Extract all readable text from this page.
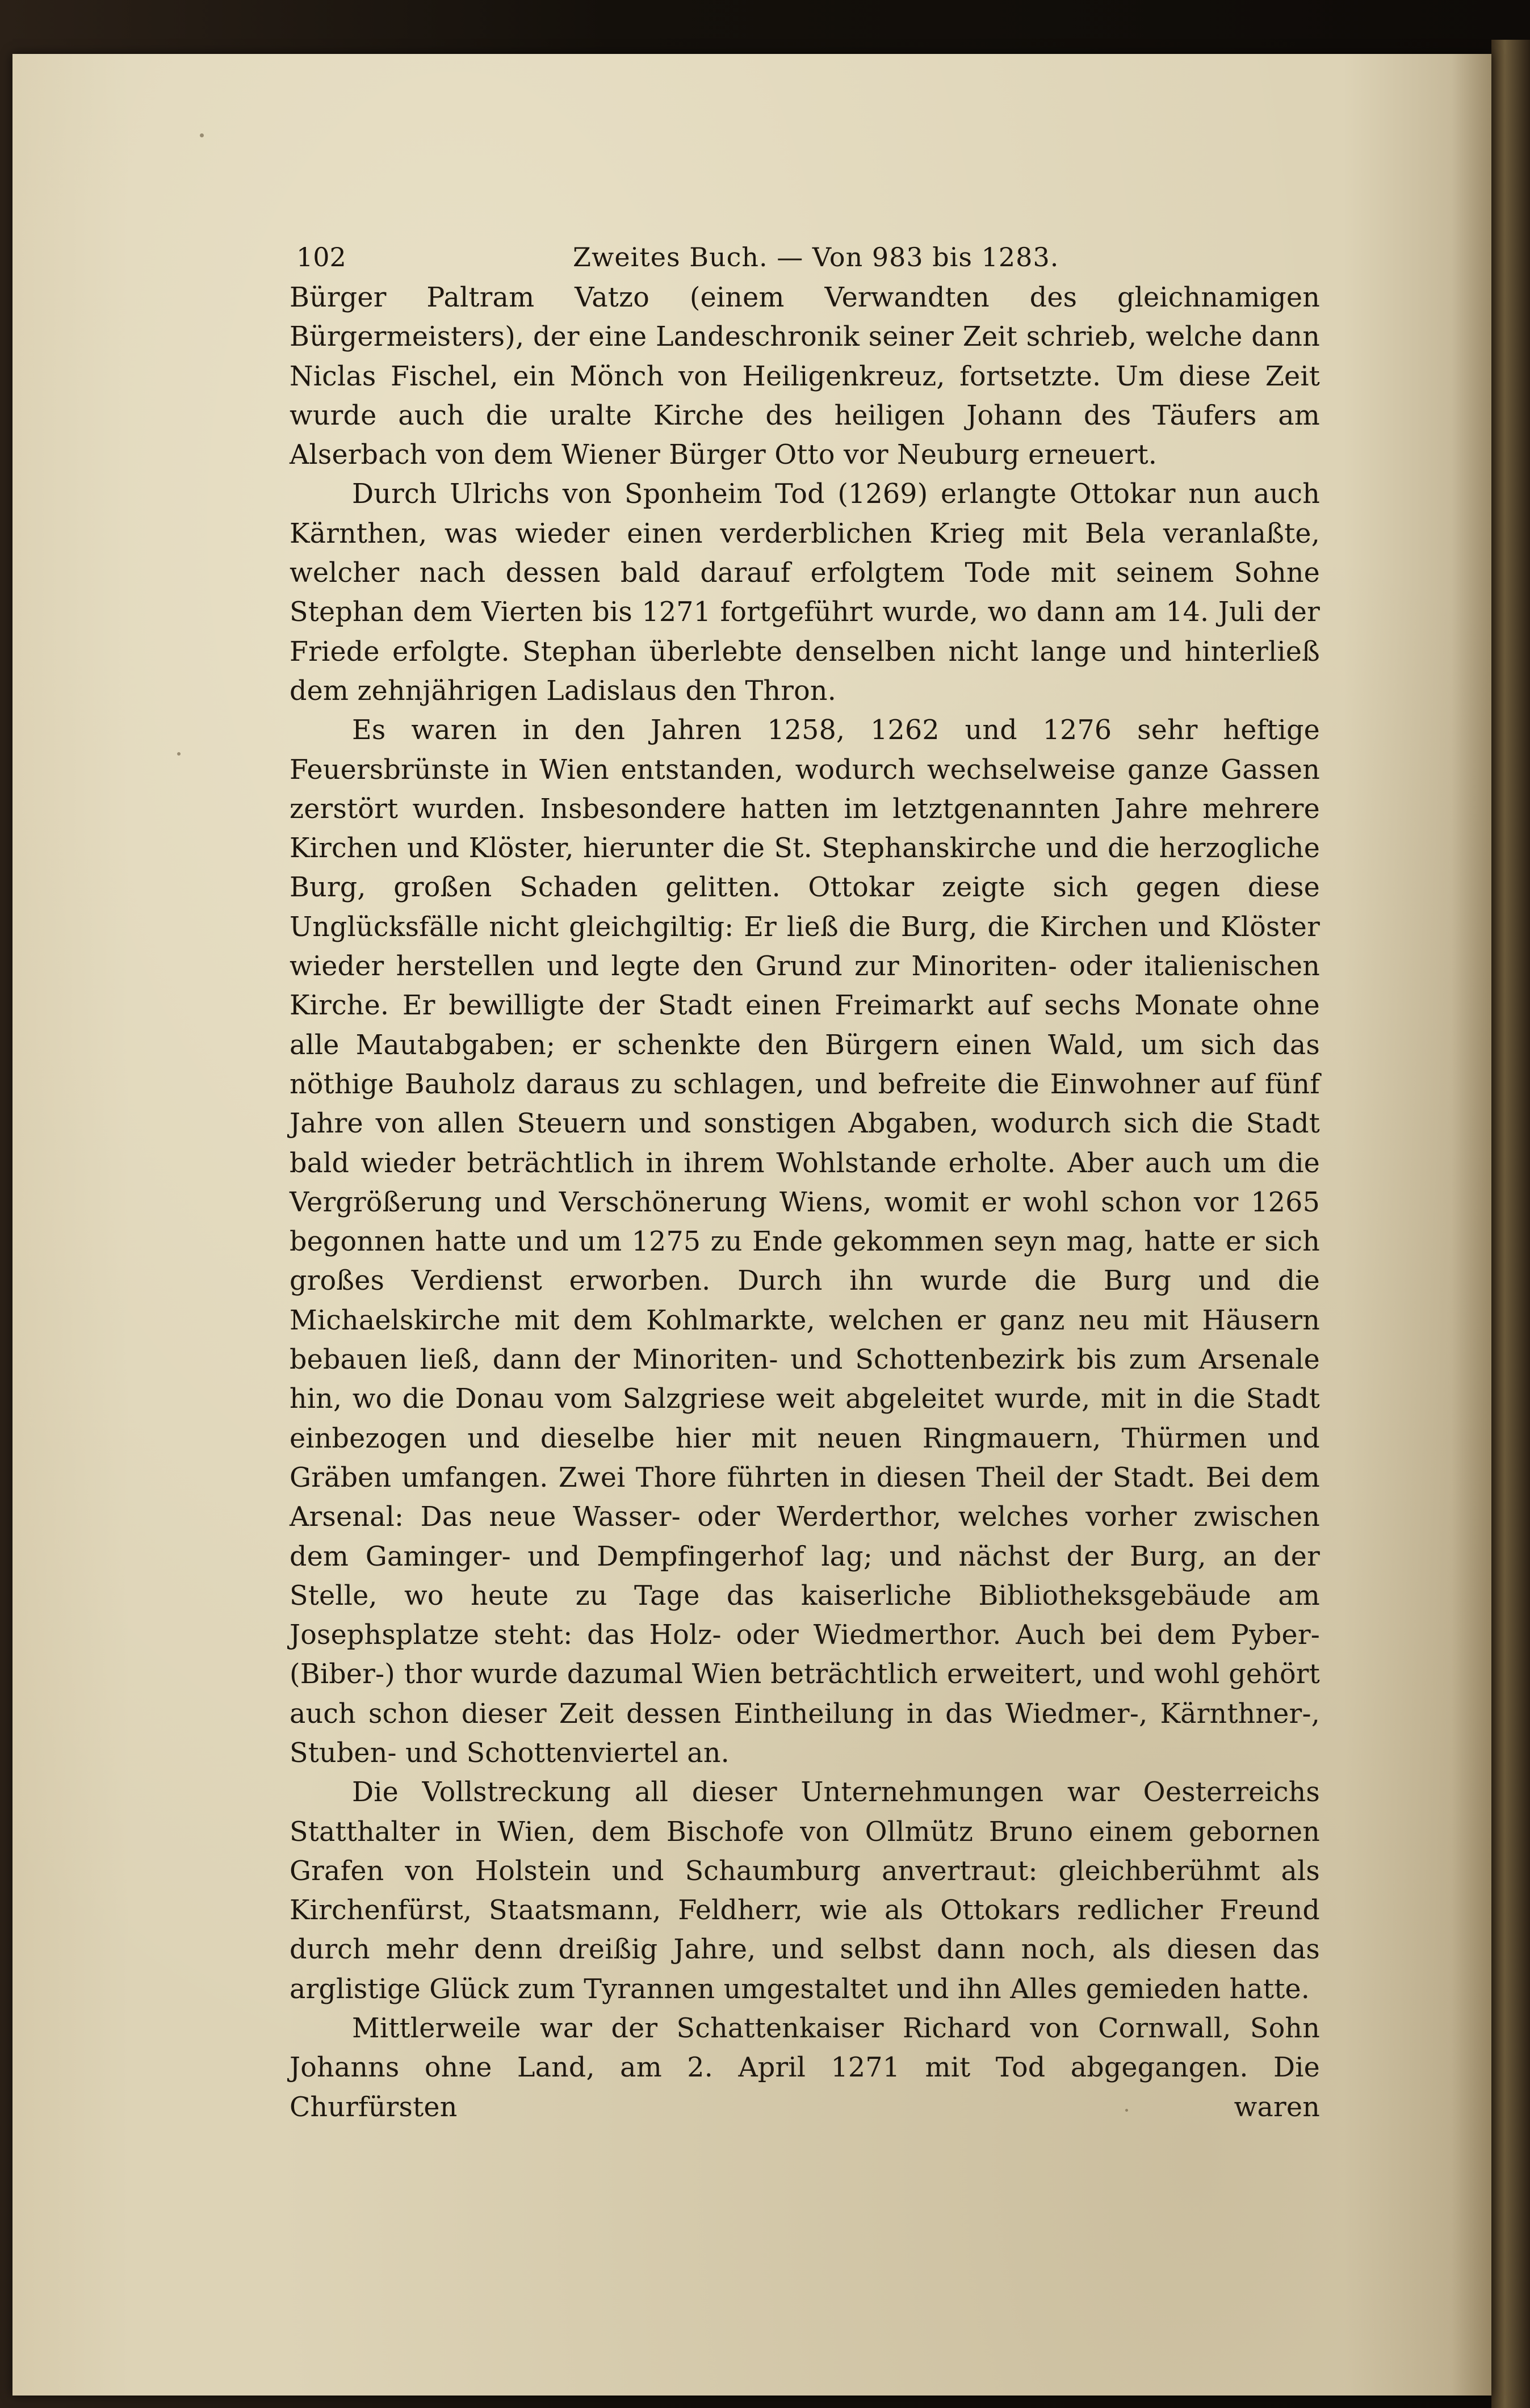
102	Zweites Buch. — Von 983 bis 1283.

Bürger Paltram Vatzo (einem Verwandten des gleichnamigen Bürgermeisters), der eine Landeschronik seiner Zeit schrieb, welche dann Niclas Fischel, ein Mönch von Heiligenkreuz, fortsetzte. Um diese Zeit wurde auch die uralte Kirche des heiligen Johann des Täufers am Alserbach von dem Wiener Bürger Otto vor Neuburg erneuert.

Durch Ulrichs von Sponheim Tod (1269) erlangte Ottokar nun auch Kärnthen, was wieder einen verderblichen Krieg mit Bela veranlaßte, welcher nach dessen bald darauf erfolgtem Tode mit seinem Sohne Stephan dem Vierten bis 1271 fortgeführt wurde, wo dann am 14. Juli der Friede erfolgte. Stephan überlebte denselben nicht lange und hinterließ dem zehnjährigen Ladislaus den Thron.

Es waren in den Jahren 1258, 1262 und 1276 sehr heftige Feuersbrünste in Wien entstanden, wodurch wechselweise ganze Gassen zerstört wurden. Insbesondere hatten im letztgenannten Jahre mehrere Kirchen und Klöster, hierunter die St. Stephanskirche und die herzogliche Burg, großen Schaden gelitten. Ottokar zeigte sich gegen diese Unglücksfälle nicht gleichgiltig: Er ließ die Burg, die Kirchen und Klöster wieder herstellen und legte den Grund zur Minoriten- oder italienischen Kirche. Er bewilligte der Stadt einen Freimarkt auf sechs Monate ohne alle Mautabgaben; er schenkte den Bürgern einen Wald, um sich das nöthige Bauholz daraus zu schlagen, und befreite die Einwohner auf fünf Jahre von allen Steuern und sonstigen Abgaben, wodurch sich die Stadt bald wieder beträchtlich in ihrem Wohlstande erholte. Aber auch um die Vergrößerung und Verschönerung Wiens, womit er wohl schon vor 1265 begonnen hatte und um 1275 zu Ende gekommen seyn mag, hatte er sich großes Verdienst erworben. Durch ihn wurde die Burg und die Michaelskirche mit dem Kohlmarkte, welchen er ganz neu mit Häusern bebauen ließ, dann der Minoriten- und Schottenbezirk bis zum Arsenale hin, wo die Donau vom Salzgriese weit abgeleitet wurde, mit in die Stadt einbezogen und dieselbe hier mit neuen Ringmauern, Thürmen und Gräben umfangen. Zwei Thore führten in diesen Theil der Stadt. Bei dem Arsenal: Das neue Wasser- oder Werderthor, welches vorher zwischen dem Gaminger- und Dempfingerhof lag; und nächst der Burg, an der Stelle, wo heute zu Tage das kaiserliche Bibliotheksgebäude am Josephsplatze steht: das Holz- oder Wiedmerthor. Auch bei dem Pyber- (Biber-) thor wurde dazumal Wien beträchtlich erweitert, und wohl gehört auch schon dieser Zeit dessen Eintheilung in das Wiedmer-, Kärnthner-, Stuben- und Schottenviertel an.

Die Vollstreckung all dieser Unternehmungen war Oesterreichs Statthalter in Wien, dem Bischofe von Ollmütz Bruno einem gebornen Grafen von Holstein und Schaumburg anvertraut: gleichberühmt als Kirchenfürst, Staatsmann, Feldherr, wie als Ottokars redlicher Freund durch mehr denn dreißig Jahre, und selbst dann noch, als diesen das arglistige Glück zum Tyrannen umgestaltet und ihn Alles gemieden hatte.

Mittlerweile war der Schattenkaiser Richard von Cornwall, Sohn Johanns ohne Land, am 2. April 1271 mit Tod abgegangen. Die Churfürsten waren
